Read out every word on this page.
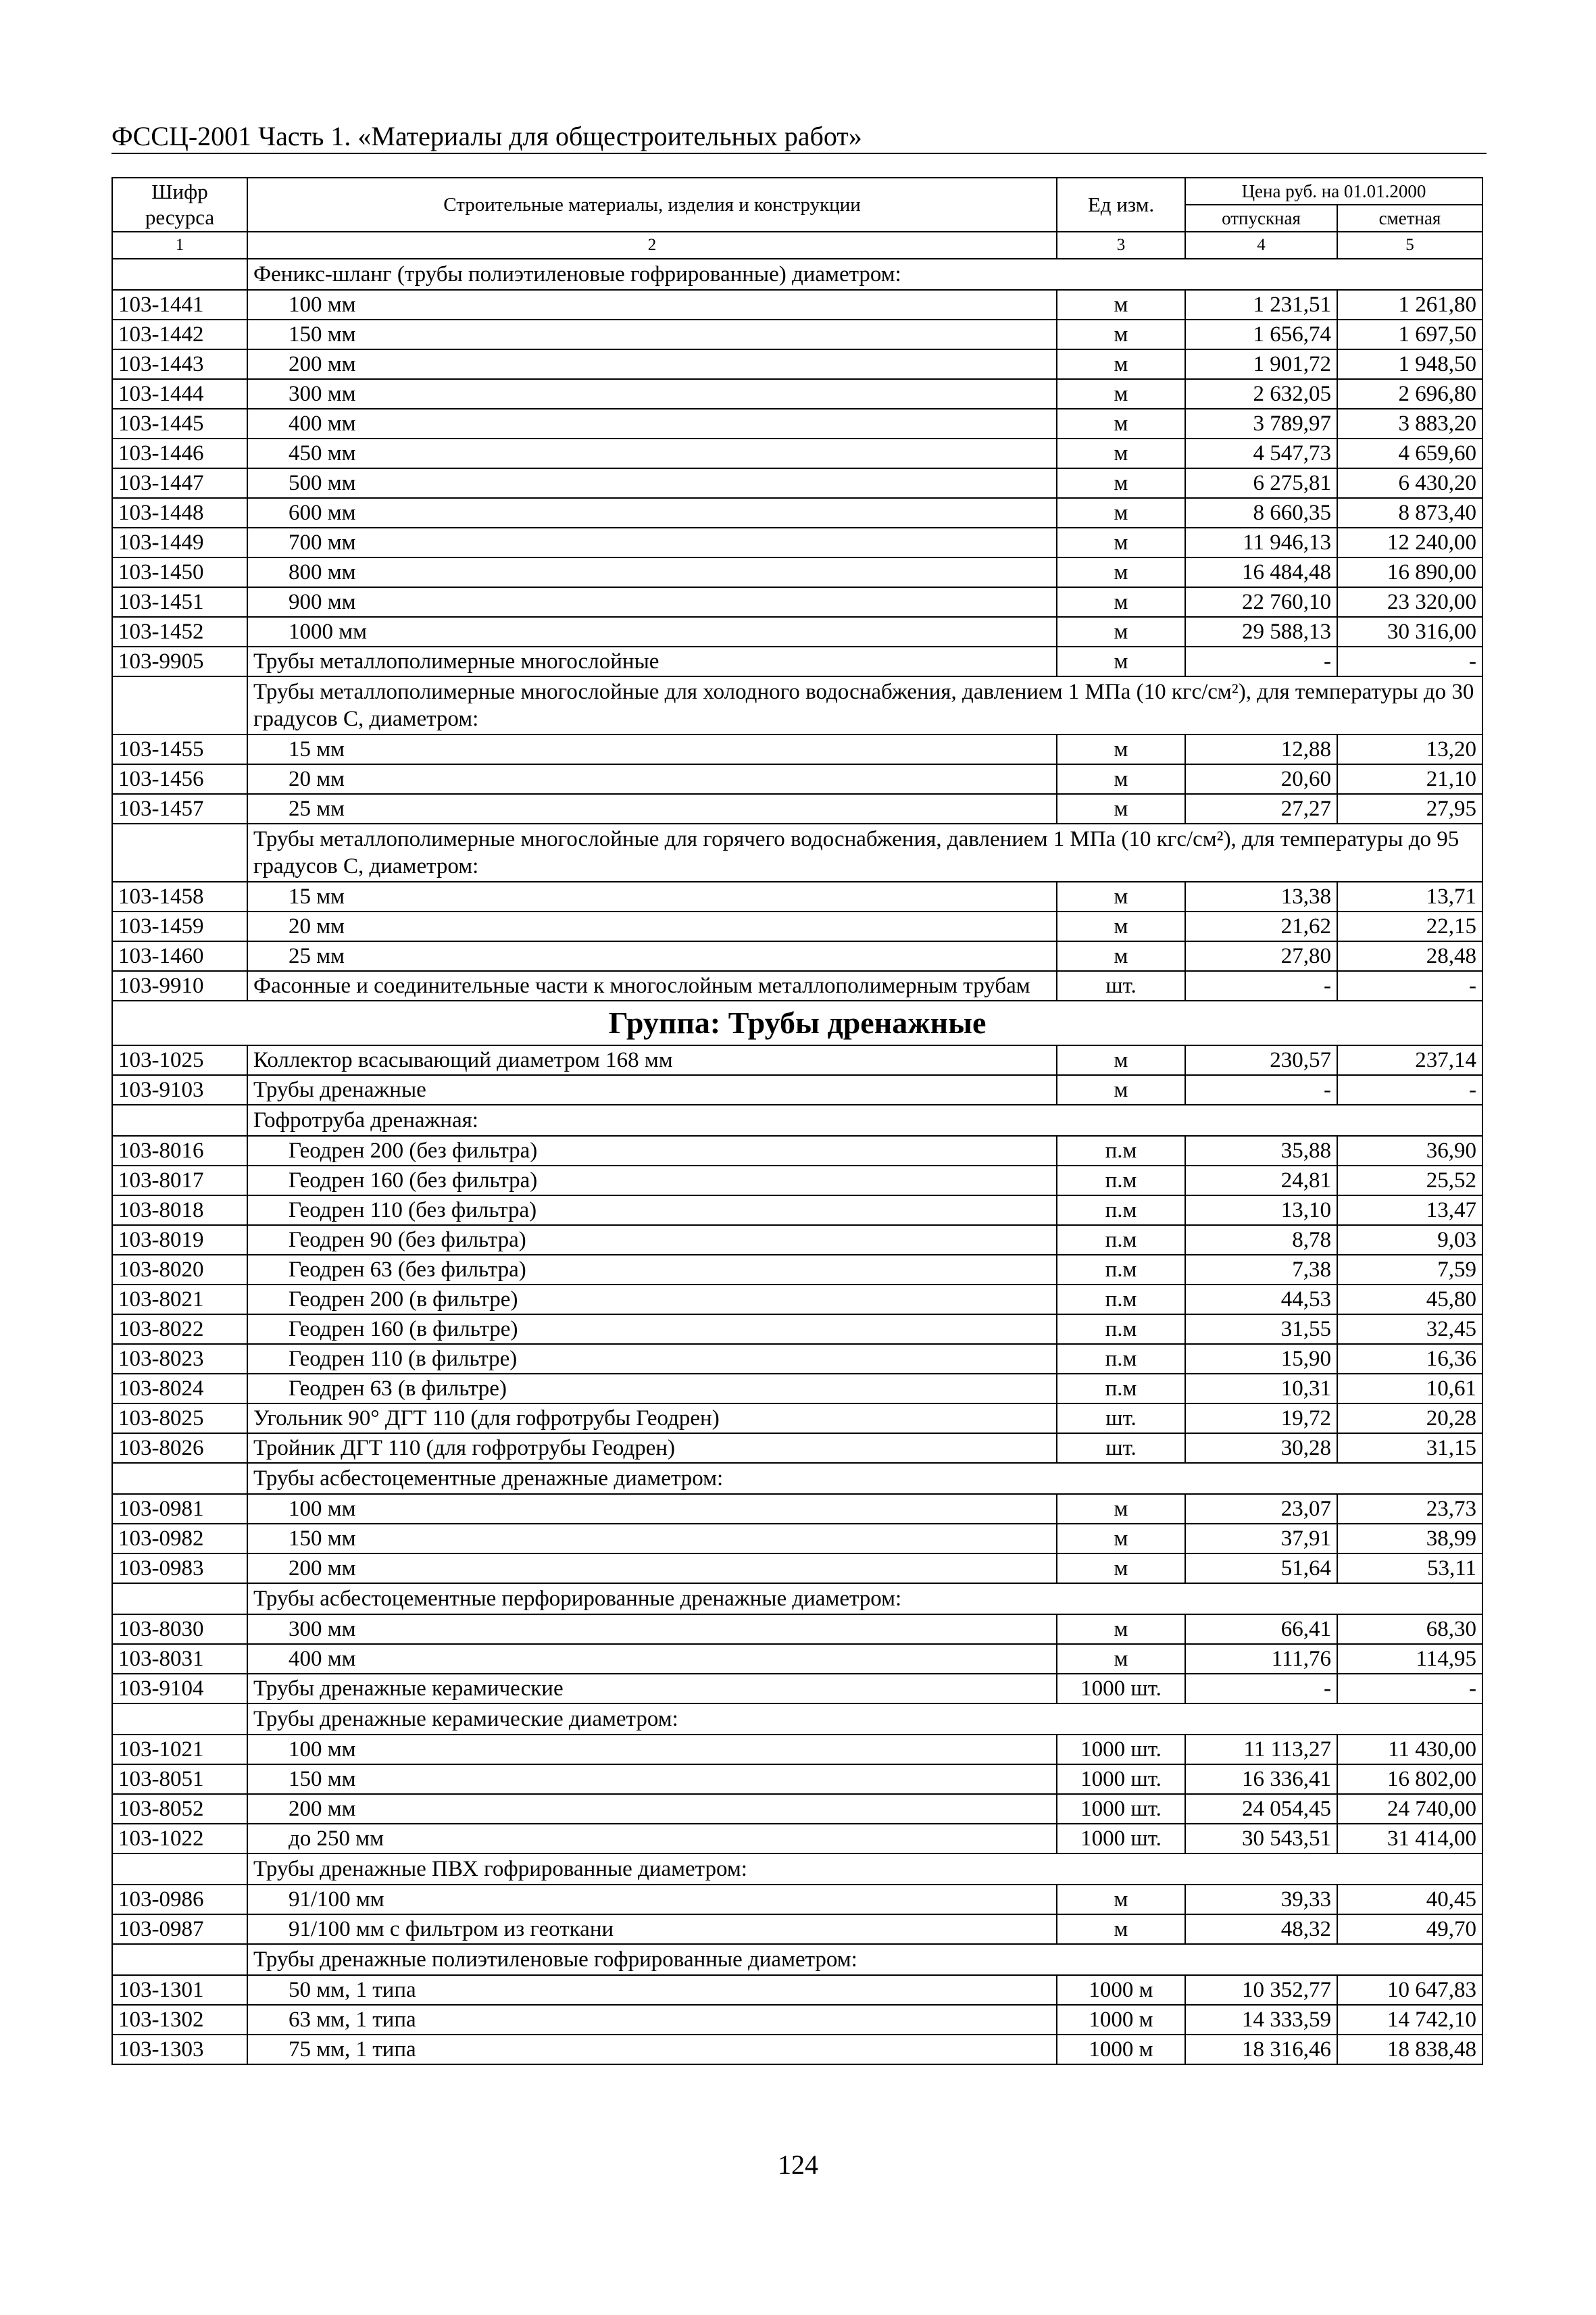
ФССЦ-2001 Часть 1. «Материалы для общестроительных работ»
Шифр ресурса	Строительные материалы, изделия и конструкции	Ед изм.	Цена руб. на 01.01.2000	
			отпускная	сметная
1	2	3	4	5
	Феникс-шланг (трубы полиэтиленовые гофрированные) диаметром:			
103-1441	100 мм	м	1 231,51	1 261,80
103-1442	150 мм	м	1 656,74	1 697,50
103-1443	200 мм	м	1 901,72	1 948,50
103-1444	300 мм	м	2 632,05	2 696,80
103-1445	400 мм	м	3 789,97	3 883,20
103-1446	450 мм	м	4 547,73	4 659,60
103-1447	500 мм	м	6 275,81	6 430,20
103-1448	600 мм	м	8 660,35	8 873,40
103-1449	700 мм	м	11 946,13	12 240,00
103-1450	800 мм	м	16 484,48	16 890,00
103-1451	900 мм	м	22 760,10	23 320,00
103-1452	1000 мм	м	29 588,13	30 316,00
103-9905	Трубы металлополимерные многослойные	м	-	-
	Трубы металлополимерные многослойные для холодного водоснабжения, давлением 1 МПа (10 кгс/см²), для температуры до 30 градусов С, диаметром:			
103-1455	15 мм	м	12,88	13,20
103-1456	20 мм	м	20,60	21,10
103-1457	25 мм	м	27,27	27,95
	Трубы металлополимерные многослойные для горячего водоснабжения, давлением 1 МПа (10 кгс/см²), для температуры до 95 градусов С, диаметром:			
103-1458	15 мм	м	13,38	13,71
103-1459	20 мм	м	21,62	22,15
103-1460	25 мм	м	27,80	28,48
103-9910	Фасонные и соединительные части к многослойным металлополимерным трубам	шт.	-	-
Группа: Трубы дренажные				
103-1025	Коллектор всасывающий диаметром 168 мм	м	230,57	237,14
103-9103	Трубы дренажные	м	-	-
	Гофротруба дренажная:			
103-8016	Геодрен 200 (без фильтра)	п.м	35,88	36,90
103-8017	Геодрен 160 (без фильтра)	п.м	24,81	25,52
103-8018	Геодрен 110 (без фильтра)	п.м	13,10	13,47
103-8019	Геодрен 90 (без фильтра)	п.м	8,78	9,03
103-8020	Геодрен 63 (без фильтра)	п.м	7,38	7,59
103-8021	Геодрен 200 (в фильтре)	п.м	44,53	45,80
103-8022	Геодрен 160 (в фильтре)	п.м	31,55	32,45
103-8023	Геодрен 110 (в фильтре)	п.м	15,90	16,36
103-8024	Геодрен 63 (в фильтре)	п.м	10,31	10,61
103-8025	Угольник 90° ДГТ 110 (для гофротрубы Геодрен)	шт.	19,72	20,28
103-8026	Тройник ДГТ 110 (для гофротрубы Геодрен)	шт.	30,28	31,15
	Трубы асбестоцементные дренажные диаметром:			
103-0981	100 мм	м	23,07	23,73
103-0982	150 мм	м	37,91	38,99
103-0983	200 мм	м	51,64	53,11
	Трубы асбестоцементные перфорированные дренажные диаметром:			
103-8030	300 мм	м	66,41	68,30
103-8031	400 мм	м	111,76	114,95
103-9104	Трубы дренажные керамические	1000 шт.	-	-
	Трубы дренажные керамические диаметром:			
103-1021	100 мм	1000 шт.	11 113,27	11 430,00
103-8051	150 мм	1000 шт.	16 336,41	16 802,00
103-8052	200 мм	1000 шт.	24 054,45	24 740,00
103-1022	до 250 мм	1000 шт.	30 543,51	31 414,00
	Трубы дренажные ПВХ гофрированные диаметром:			
103-0986	91/100 мм	м	39,33	40,45
103-0987	91/100 мм с фильтром из геоткани	м	48,32	49,70
	Трубы дренажные полиэтиленовые гофрированные диаметром:			
103-1301	50 мм, 1 типа	1000 м	10 352,77	10 647,83
103-1302	63 мм, 1 типа	1000 м	14 333,59	14 742,10
103-1303	75 мм, 1 типа	1000 м	18 316,46	18 838,48
124
